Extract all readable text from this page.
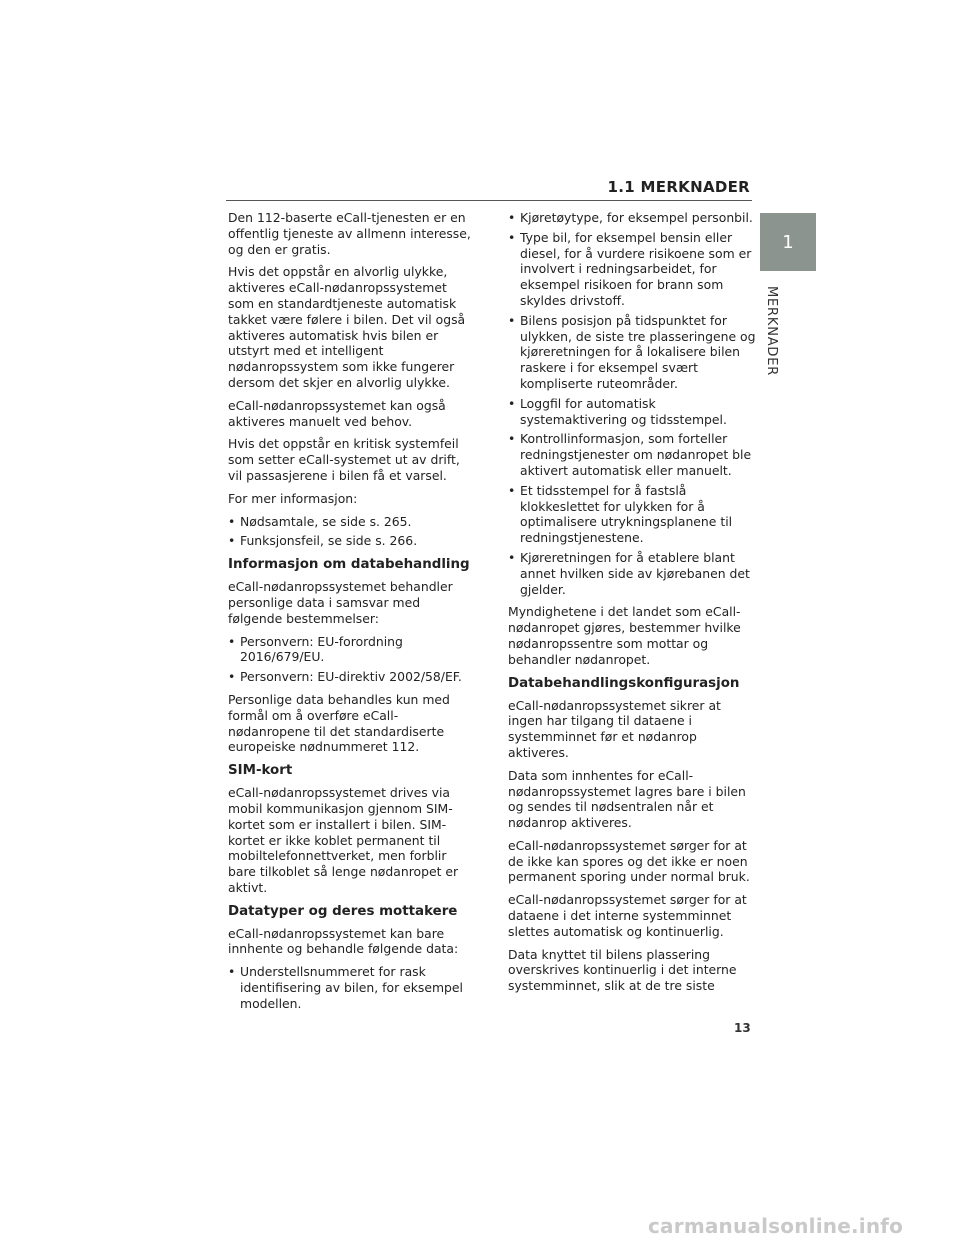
1.1 MERKNADER
1
MERKNADER

Den 112-baserte eCall-tjenesten er en offentlig tjeneste av allmenn interesse, og den er gratis.

Hvis det oppstår en alvorlig ulykke, aktiveres eCall-nødanropssystemet som en standardtjeneste automatisk takket være følere i bilen. Det vil også aktiveres automatisk hvis bilen er utstyrt med et intelligent nødanropssystem som ikke fungerer dersom det skjer en alvorlig ulykke.

eCall-nødanropssystemet kan også aktiveres manuelt ved behov.

Hvis det oppstår en kritisk systemfeil som setter eCall-systemet ut av drift, vil passasjerene i bilen få et varsel.

For mer informasjon:

• Nødsamtale, se side s. 265.
• Funksjonsfeil, se side s. 266.
Informasjon om databehandling

eCall-nødanropssystemet behandler personlige data i samsvar med følgende bestemmelser:

• Personvern: EU-forordning 2016/679/EU.
• Personvern: EU-direktiv 2002/58/EF.

Personlige data behandles kun med formål om å overføre eCall-nødanropene til det standardiserte europeiske nødnummeret 112.

SIM-kort

eCall-nødanropssystemet drives via mobil kommunikasjon gjennom SIM-kortet som er installert i bilen. SIM-kortet er ikke koblet permanent til mobiltelefonnettverket, men forblir bare tilkoblet så lenge nødanropet er aktivt.

Datatyper og deres mottakere

eCall-nødanropssystemet kan bare innhente og behandle følgende data:

• Understellsnummeret for rask identifisering av bilen, for eksempel modellen.
• Kjøretøytype, for eksempel personbil.
• Type bil, for eksempel bensin eller diesel, for å vurdere risikoene som er involvert i redningsarbeidet, for eksempel risikoen for brann som skyldes drivstoff.
• Bilens posisjon på tidspunktet for ulykken, de siste tre plasseringene og kjøreretningen for å lokalisere bilen raskere i for eksempel svært kompliserte ruteområder.
• Loggfil for automatisk systemaktivering og tidsstempel.
• Kontrollinformasjon, som forteller redningstjenester om nødanropet ble aktivert automatisk eller manuelt.
• Et tidsstempel for å fastslå klokkeslettet for ulykken for å optimalisere utrykningsplanene til redningstjenestene.
• Kjøreretningen for å etablere blant annet hvilken side av kjørebanen det gjelder.

Myndighetene i det landet som eCall-nødanropet gjøres, bestemmer hvilke nødanropssentre som mottar og behandler nødanropet.

Databehandlingskonfigurasjon

eCall-nødanropssystemet sikrer at ingen har tilgang til dataene i systemminnet før et nødanrop aktiveres.

Data som innhentes for eCall-nødanropssystemet lagres bare i bilen og sendes til nødsentralen når et nødanrop aktiveres.

eCall-nødanropssystemet sørger for at de ikke kan spores og det ikke er noen permanent sporing under normal bruk.

eCall-nødanropssystemet sørger for at dataene i det interne systemminnet slettes automatisk og kontinuerlig.

Data knyttet til bilens plassering overskrives kontinuerlig i det interne systemminnet, slik at de tre siste

13
carmanualsonline.info
